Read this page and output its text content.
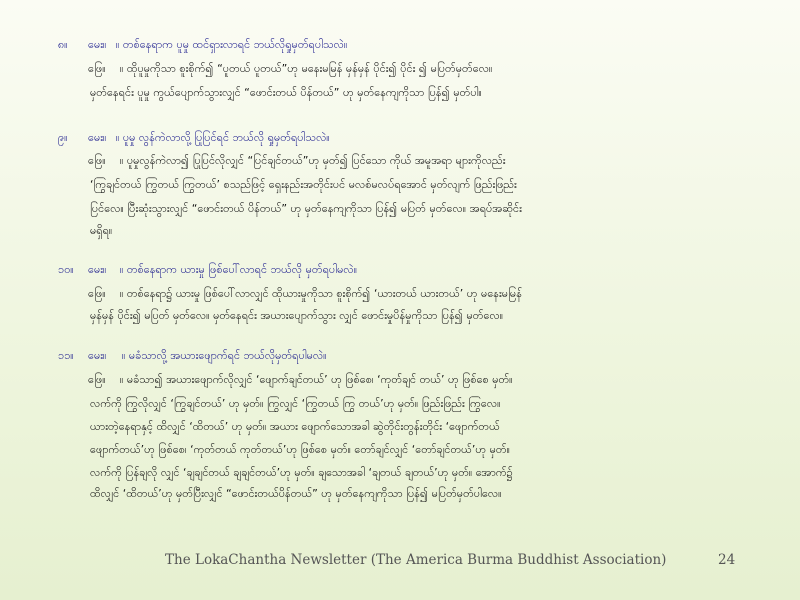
၈။ မေး။ ။ တစ်နေရာက ပူမှု ထင်ရှားလာရင် ဘယ်လိုရှုမှတ်ရပါသလဲ။
ဖြေ။ ။ ထိုပူမှုကိုသာ စူးစိုက်၍ “ပူတယ် ပူတယ်”ဟု မနေးမမြန် မှန်မှန် ပိုင်း၍ ပိုင်း ၍ မပြတ်မှတ်လေ။
မှတ်နေရင်း ပူမှု ကွယ်ပျောက်သွားလျှင် “ဖောင်းတယ် ပိန်တယ်” ဟု မှတ်နေကျကိုသာ ပြန်၍ မှတ်ပါ။
၉။ မေး။ ။ ပူမှု လွန်ကဲလာလို့ ပြုပြင်ရင် ဘယ်လို ရှုမှတ်ရပါသလဲ။
ဖြေ။ ။ ပူမှုလွန်ကဲလာ၍ ပြုပြင်လိုလျှင် “ပြင်ချင်တယ်”ဟု မှတ်၍ ပြင်သော ကိုယ် အမူအရာ များကိုလည်း
‘ကြွချင်တယ် ကြွတယ် ကြွတယ်’ စသည်ဖြင့် ရှေးနည်းအတိုင်းပင် မလစ်မလပ်ရအောင် မှတ်လျက် ဖြည်းဖြည်း
ပြင်လေ။ ပြီးဆုံးသွားလျှင် “ဖောင်းတယ် ပိန်တယ်” ဟု မှတ်နေကျကိုသာ ပြန်၍ မပြတ် မှတ်လေ။ အရပ်အဆိုင်း
မရှိရ။
၁၀။ မေး။ ။ တစ်နေရာက ယားမှု ဖြစ်ပေါ်လာရင် ဘယ်လို မှတ်ရပါမလဲ။
ဖြေ။ ။ တစ်နေရာ၌ ယားမှု ဖြစ်ပေါ်လာလျှင် ထိုယားမှုကိုသာ စူးစိုက်၍ ‘ယားတယ် ယားတယ်’ ဟု မနေးမမြန်
မှန်မှန် ပိုင်း၍ မပြတ် မှတ်လေ။ မှတ်နေရင်း အယားပျောက်သွား လျှင် ဖောင်းမှုပိန်မှုကိုသာ ပြန်၍ မှတ်လေ။
၁၁။ မေး။ ။ မခံသာလို့ အယားဖျောက်ရင် ဘယ်လိုမှတ်ရပါမလဲ။
ဖြေ။ ။ မခံသာ၍ အယားဖျောက်လိုလျှင် ‘ဖျောက်ချင်တယ်’ ဟု ဖြစ်စေ၊ ‘ကုတ်ချင် တယ်’ ဟု ဖြစ်စေ မှတ်။
လက်ကို ကြွလိုလျှင် ‘ကြွချင်တယ်’ ဟု မှတ်။ ကြွလျှင် ‘ကြွတယ် ကြွ တယ်’ဟု မှတ်။ ဖြည်းဖြည်း ကြွလေ။
ယားတဲ့နေရာနှင့် ထိလျှင် ‘ထိတယ်’ ဟု မှတ်။ အယား ဖျောက်သောအခါ ဆွဲတိုင်းတွန်းတိုင်း ‘ဖျောက်တယ်
ဖျောက်တယ်’ဟု ဖြစ်စေ၊ ‘ကုတ်တယ် ကုတ်တယ်’ဟု ဖြစ်စေ မှတ်။ တော်ချင်လျှင် ‘တော်ချင်တယ်’ဟု မှတ်။
လက်ကို ပြန်ချလို လျှင် ‘ချချင်တယ် ချချင်တယ်’ဟု မှတ်။ ချသောအခါ ‘ချတယ် ချတယ်’ဟု မှတ်။ အောက်၌
ထိလျှင် ‘ထိတယ်’ဟု မှတ်ပြီးလျှင် “ဖောင်းတယ်ပိန်တယ်” ဟု မှတ်နေကျကိုသာ ပြန်၍ မပြတ်မှတ်ပါလေ။
The LokaChantha Newsletter (The America Burma Buddhist Association)	24
